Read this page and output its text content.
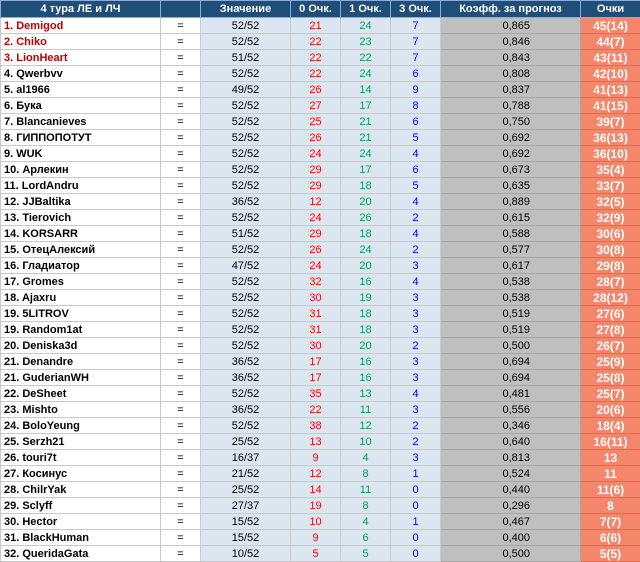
4 тура ЛЕ и ЛЧ		Значение	0 Очк.	1 Очк.	3 Очк.	Коэфф. за прогноз	Очки
1. Demigod	=	52/52	21	24	7	0,865	45(14)
2. Chiko	=	52/52	22	23	7	0,846	44(7)
3. LionHeart	=	51/52	22	22	7	0,843	43(11)
4. Qwerbvv	=	52/52	22	24	6	0,808	42(10)
5. al1966	=	49/52	26	14	9	0,837	41(13)
6. Бука	=	52/52	27	17	8	0,788	41(15)
7. Blancanieves	=	52/52	25	21	6	0,750	39(7)
8. ГИППОПОТУТ	=	52/52	26	21	5	0,692	36(13)
9. WUK	=	52/52	24	24	4	0,692	36(10)
10. Арлекин	=	52/52	29	17	6	0,673	35(4)
11. LordAndru	=	52/52	29	18	5	0,635	33(7)
12. JJBaltika	=	36/52	12	20	4	0,889	32(5)
13. Tierovich	=	52/52	24	26	2	0,615	32(9)
14. KORSARR	=	51/52	29	18	4	0,588	30(6)
15. ОтецАлексий	=	52/52	26	24	2	0,577	30(8)
16. Гладиатор	=	47/52	24	20	3	0,617	29(8)
17. Gromes	=	52/52	32	16	4	0,538	28(7)
18. Ajaxru	=	52/52	30	19	3	0,538	28(12)
19. 5LITROV	=	52/52	31	18	3	0,519	27(6)
19. Random1at	=	52/52	31	18	3	0,519	27(8)
20. Deniska3d	=	52/52	30	20	2	0,500	26(7)
21. Denandre	=	36/52	17	16	3	0,694	25(9)
21. GuderianWH	=	36/52	17	16	3	0,694	25(8)
22. DeSheet	=	52/52	35	13	4	0,481	25(7)
23. Mishto	=	36/52	22	11	3	0,556	20(6)
24. BoloYeung	=	52/52	38	12	2	0,346	18(4)
25. Serzh21	=	25/52	13	10	2	0,640	16(11)
26. touri7t	=	16/37	9	4	3	0,813	13
27. Косинус	=	21/52	12	8	1	0,524	11
28. ChilrYak	=	25/52	14	11	0	0,440	11(6)
29. Sclyff	=	27/37	19	8	0	0,296	8
30. Hector	=	15/52	10	4	1	0,467	7(7)
31. BlackHuman	=	15/52	9	6	0	0,400	6(6)
32. QueridaGata	=	10/52	5	5	0	0,500	5(5)
